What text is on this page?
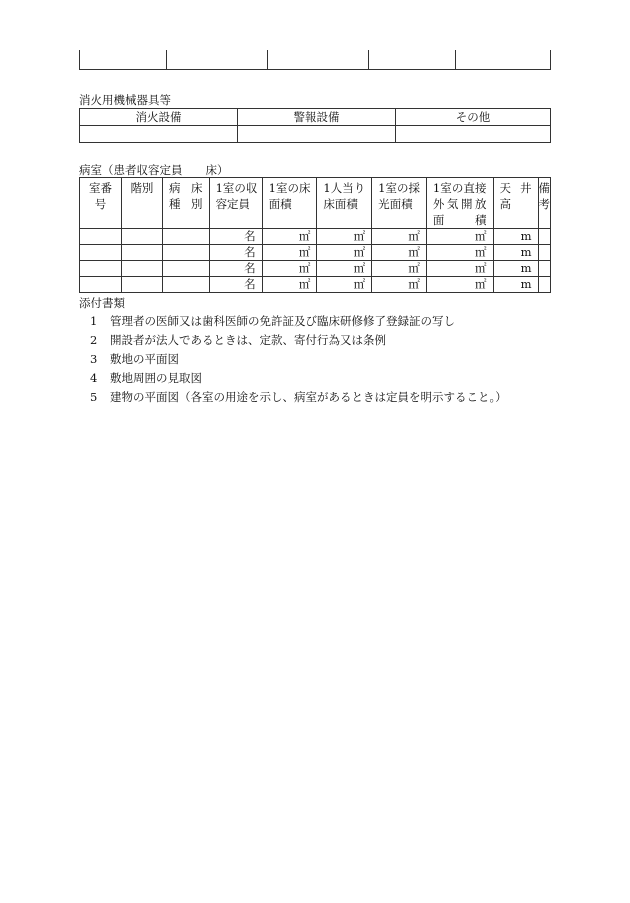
消火用機械器具等
消火設備	警報設備	その他

病室（患者収容定員　　床）
室番号	階別	病床種別	1室の収容定員	1室の床面積	1人当り床面積	1室の採光面積	1室の直接外気開放面積	天井高	備考
			名	㎡	㎡	㎡	㎡	m	
			名	㎡	㎡	㎡	㎡	m	
			名	㎡	㎡	㎡	㎡	m	
			名	㎡	㎡	㎡	㎡	m	
添付書類
1 管理者の医師又は歯科医師の免許証及び臨床研修修了登録証の写し
2 開設者が法人であるときは、定款、寄付行為又は条例
3 敷地の平面図
4 敷地周囲の見取図
5 建物の平面図（各室の用途を示し、病室があるときは定員を明示すること。）
